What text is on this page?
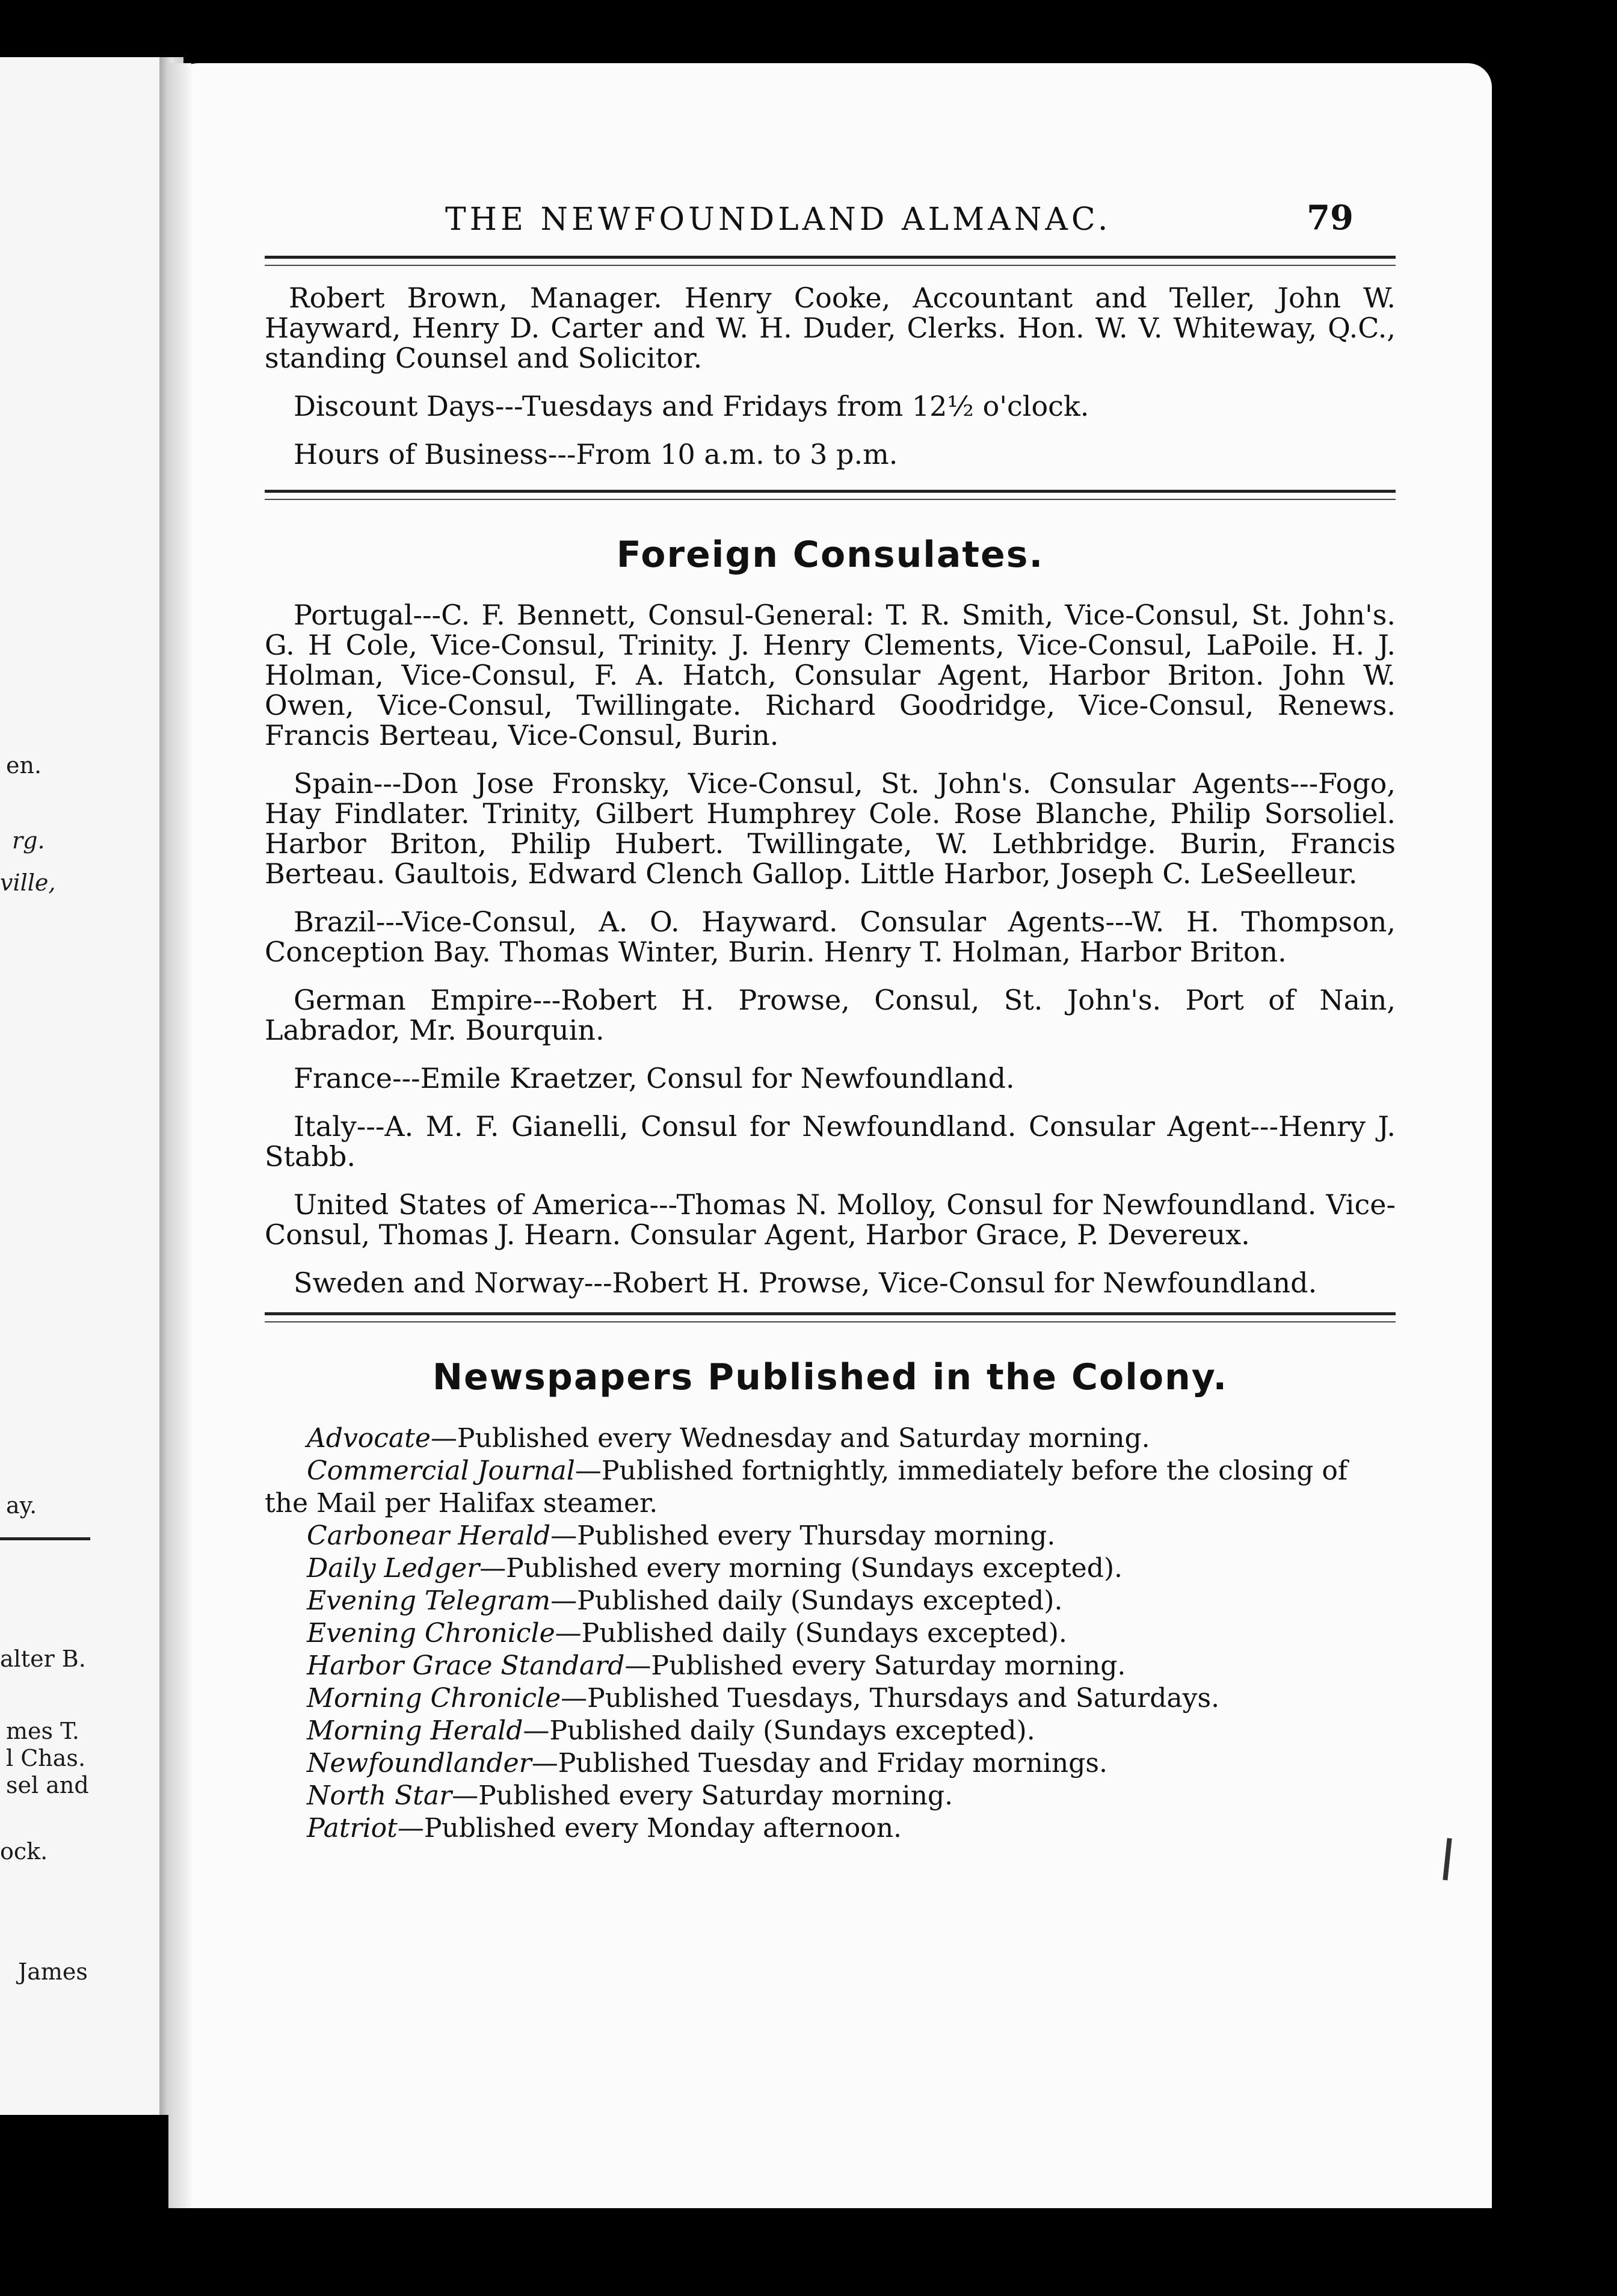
en.
rg.
ville,
ay.
alter B.
mes T.
l Chas.
sel and
ock.
James
THE NEWFOUNDLAND ALMANAC.	79

Robert Brown, Manager. Henry Cooke, Accountant and Teller, John W. Hayward, Henry D. Carter and W. H. Duder, Clerks. Hon. W. V. Whiteway, Q.C., standing Counsel and Solicitor.

Discount Days---Tuesdays and Fridays from 12½ o'clock.

Hours of Business---From 10 a.m. to 3 p.m.

Foreign Consulates.

Portugal---C. F. Bennett, Consul-General: T. R. Smith, Vice-Consul, St. John's. G. H Cole, Vice-Consul, Trinity. J. Henry Clements, Vice-Consul, LaPoile. H. J. Holman, Vice-Consul, F. A. Hatch, Consular Agent, Harbor Briton. John W. Owen, Vice-Consul, Twillingate. Richard Goodridge, Vice-Consul, Renews. Francis Berteau, Vice-Consul, Burin.

Spain---Don Jose Fronsky, Vice-Consul, St. John's. Consular Agents---Fogo, Hay Findlater. Trinity, Gilbert Humphrey Cole. Rose Blanche, Philip Sorsoliel. Harbor Briton, Philip Hubert. Twillingate, W. Lethbridge. Burin, Francis Berteau. Gaultois, Edward Clench Gallop. Little Harbor, Joseph C. LeSeelleur.

Brazil---Vice-Consul, A. O. Hayward. Consular Agents---W. H. Thompson, Conception Bay. Thomas Winter, Burin. Henry T. Holman, Harbor Briton.

German Empire---Robert H. Prowse, Consul, St. John's. Port of Nain, Labrador, Mr. Bourquin.

France---Emile Kraetzer, Consul for Newfoundland.

Italy---A. M. F. Gianelli, Consul for Newfoundland. Consular Agent---Henry J. Stabb.

United States of America---Thomas N. Molloy, Consul for Newfoundland. Vice-Consul, Thomas J. Hearn. Consular Agent, Harbor Grace, P. Devereux.

Sweden and Norway---Robert H. Prowse, Vice-Consul for Newfoundland.

Newspapers Published in the Colony.
Advocate—Published every Wednesday and Saturday morning.
Commercial Journal—Published fortnightly, immediately before the closing of the Mail per Halifax steamer.
Carbonear Herald—Published every Thursday morning.
Daily Ledger—Published every morning (Sundays excepted).
Evening Telegram—Published daily (Sundays excepted).
Evening Chronicle—Published daily (Sundays excepted).
Harbor Grace Standard—Published every Saturday morning.
Morning Chronicle—Published Tuesdays, Thursdays and Saturdays.
Morning Herald—Published daily (Sundays excepted).
Newfoundlander—Published Tuesday and Friday mornings.
North Star—Published every Saturday morning.
Patriot—Published every Monday afternoon.
